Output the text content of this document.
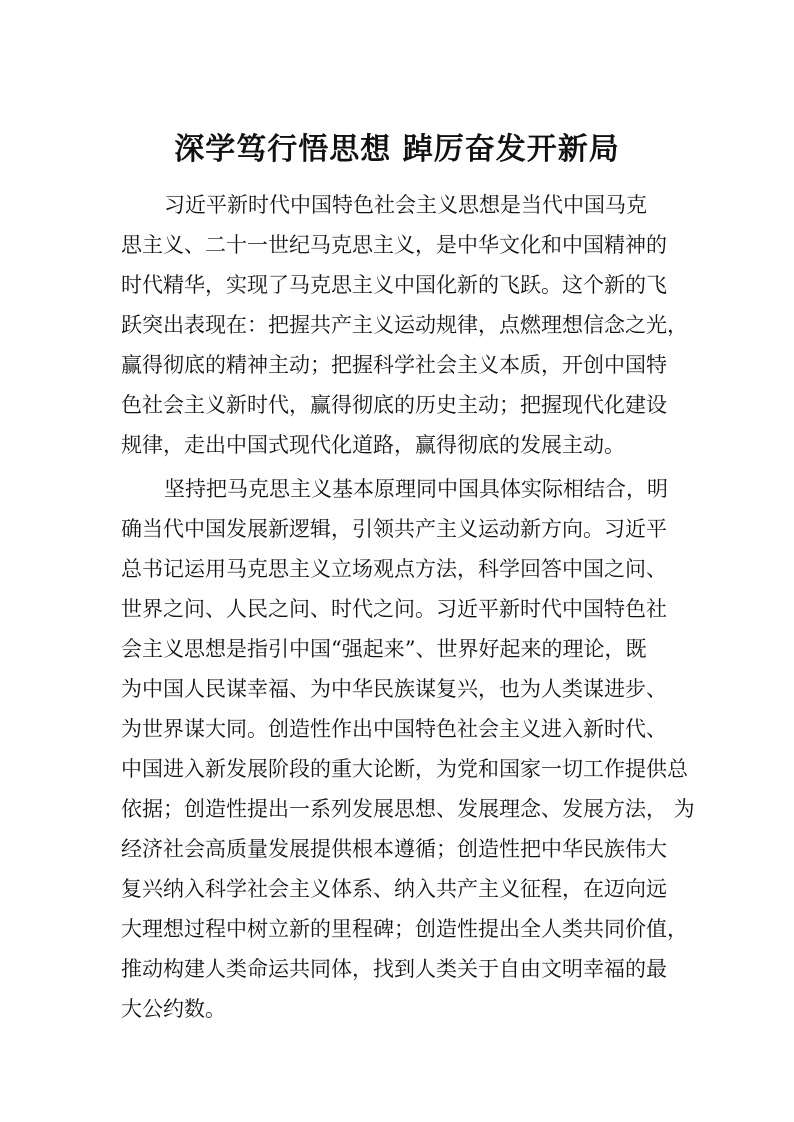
深学笃行悟思想 踔厉奋发开新局
习近平新时代中国特色社会主义思想是当代中国马克
思主义、二十一世纪马克思主义，是中华文化和中国精神的
时代精华，实现了马克思主义中国化新的飞跃。这个新的飞
跃突出表现在：把握共产主义运动规律，点燃理想信念之光，
赢得彻底的精神主动；把握科学社会主义本质，开创中国特
色社会主义新时代，赢得彻底的历史主动；把握现代化建设
规律，走出中国式现代化道路，赢得彻底的发展主动。
坚持把马克思主义基本原理同中国具体实际相结合，明
确当代中国发展新逻辑，引领共产主义运动新方向。习近平
总书记运用马克思主义立场观点方法，科学回答中国之问、
世界之问、人民之问、时代之问。习近平新时代中国特色社
会主义思想是指引中国“强起来”、世界好起来的理论，既
为中国人民谋幸福、为中华民族谋复兴，也为人类谋进步、
为世界谋大同。创造性作出中国特色社会主义进入新时代、
中国进入新发展阶段的重大论断，为党和国家一切工作提供总
依据；创造性提出一系列发展思想、发展理念、发展方法， 为
经济社会高质量发展提供根本遵循；创造性把中华民族伟大
复兴纳入科学社会主义体系、纳入共产主义征程，在迈向远
大理想过程中树立新的里程碑；创造性提出全人类共同价值，
推动构建人类命运共同体，找到人类关于自由文明幸福的最
大公约数。
